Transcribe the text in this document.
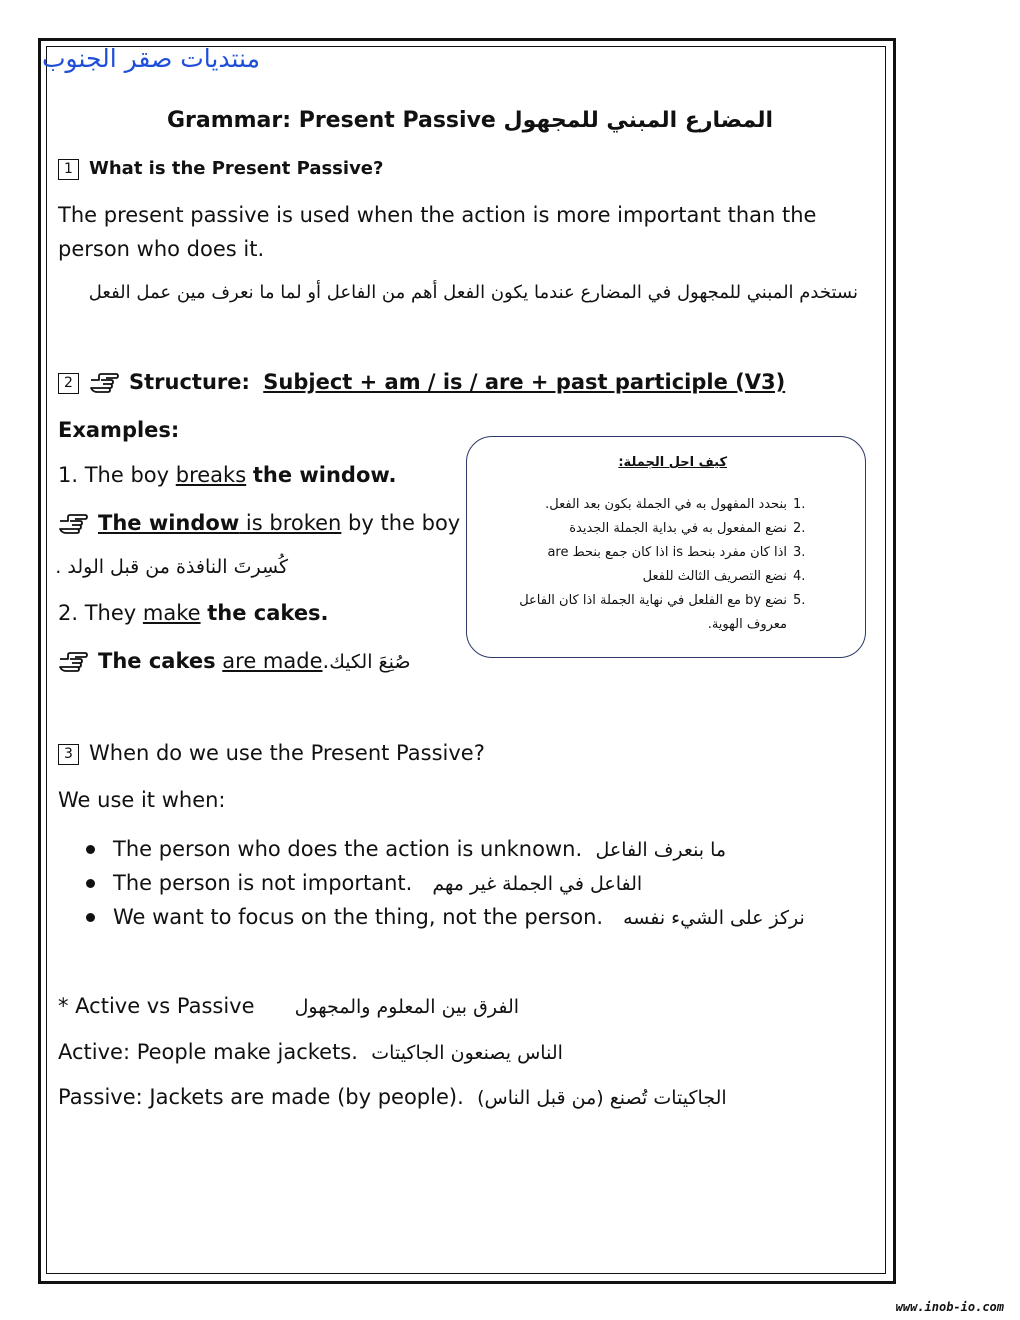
منتديات صقر الجنوب
Grammar: Present Passive المضارع المبني للمجهول
1 What is the Present Passive?
The present passive is used when the action is more important than the person who does it.
نستخدم المبني للمجهول في المضارع عندما يكون الفعل أهم من الفاعل أو لما ما نعرف مين عمل الفعل
2	Structure: Subject + am / is / are + past participle (V3)
Examples:
1. The boy breaks the window.
The window is broken by the boy
كُسِرتَ النافذة من قبل الولد .
2. They make the cakes.
The cakes are made.صُنِعَ الكيك
كيف احل الجملة:
1.
بنحدد المفهول به في الجملة بكون بعد الفعل.
2.
نضع المفعول به في بداية الجملة الجديدة
3.
اذا كان مفرد بنحط is اذا كان جمع بنحط are
4.
نضع التصريف الثالث للفعل
5.
نضع by مع الفلعل في نهاية الجملة اذا كان الفاعل معروف الهوية.
3 When do we use the Present Passive?
We use it when:
The person who does the action is unknown. ما بنعرف الفاعل
The person is not important. الفاعل في الجملة غير مهم
We want to focus on the thing, not the person. نركز على الشيء نفسه
* Active vs Passive الفرق بين المعلوم والمجهول
Active: People make jackets. الناس يصنعون الجاكيتات
Passive: Jackets are made (by people). الجاكيتات تُصنع (من قبل الناس)
www.inob-io.com
